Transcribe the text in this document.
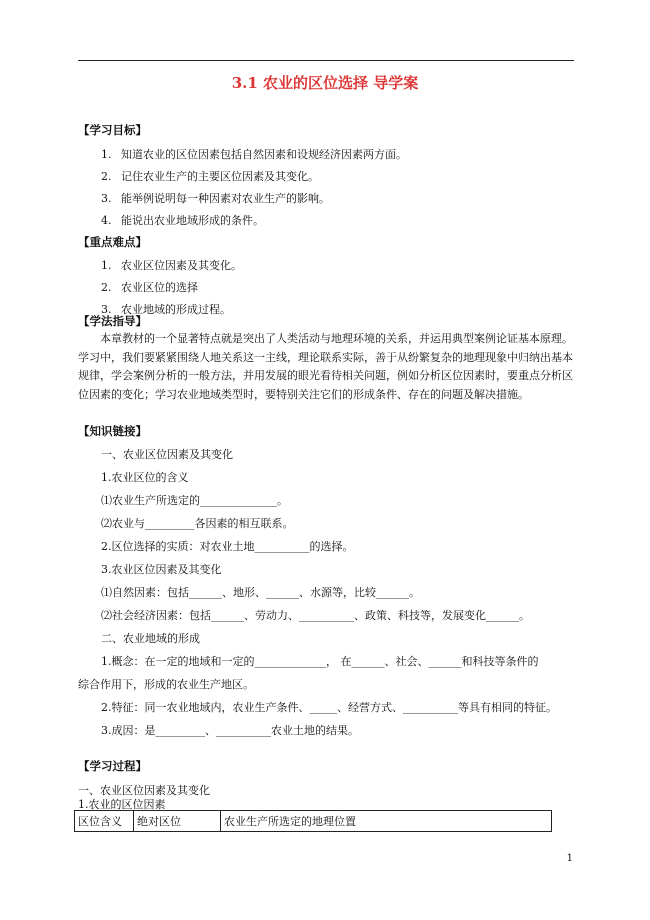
3.1 农业的区位选择 导学案
【学习目标】
1. 知道农业的区位因素包括自然因素和设规经济因素两方面。
2. 记住农业生产的主要区位因素及其变化。
3. 能举例说明每一种因素对农业生产的影响。
4. 能说出农业地域形成的条件。
【重点难点】
1. 农业区位因素及其变化。
2. 农业区位的选择
3. 农业地域的形成过程。
【学法指导】
本章教材的一个显著特点就是突出了人类活动与地理环境的关系，并运用典型案例论证基本原理。学习中，我们要紧紧围绕人地关系这一主线，理论联系实际，善于从纷繁复杂的地理现象中归纳出基本规律，学会案例分析的一般方法，并用发展的眼光看待相关问题，例如分析区位因素时，要重点分析区位因素的变化；学习农业地域类型时，要特别关注它们的形成条件、存在的问题及解决措施。
【知识链接】
一、农业区位因素及其变化
1.农业区位的含义
⑴农业生产所选定的______________。
⑵农业与_________各因素的相互联系。
2.区位选择的实质：对农业土地__________的选择。
3.农业区位因素及其变化
⑴自然因素：包括______、地形、______、水源等，比较______。
⑵社会经济因素：包括______、劳动力、__________、政策、科技等，发展变化______。
二、农业地域的形成
1.概念：在一定的地域和一定的_____________， 在______、社会、______和科技等条件的
综合作用下，形成的农业生产地区。
2.特征：同一农业地域内，农业生产条件、_____、经营方式、__________等具有相同的特征。
3.成因：是_________、__________农业土地的结果。
【学习过程】
一、农业区位因素及其变化
1.农业的区位因素
区位含义	绝对区位	农业生产所选定的地理位置
1
